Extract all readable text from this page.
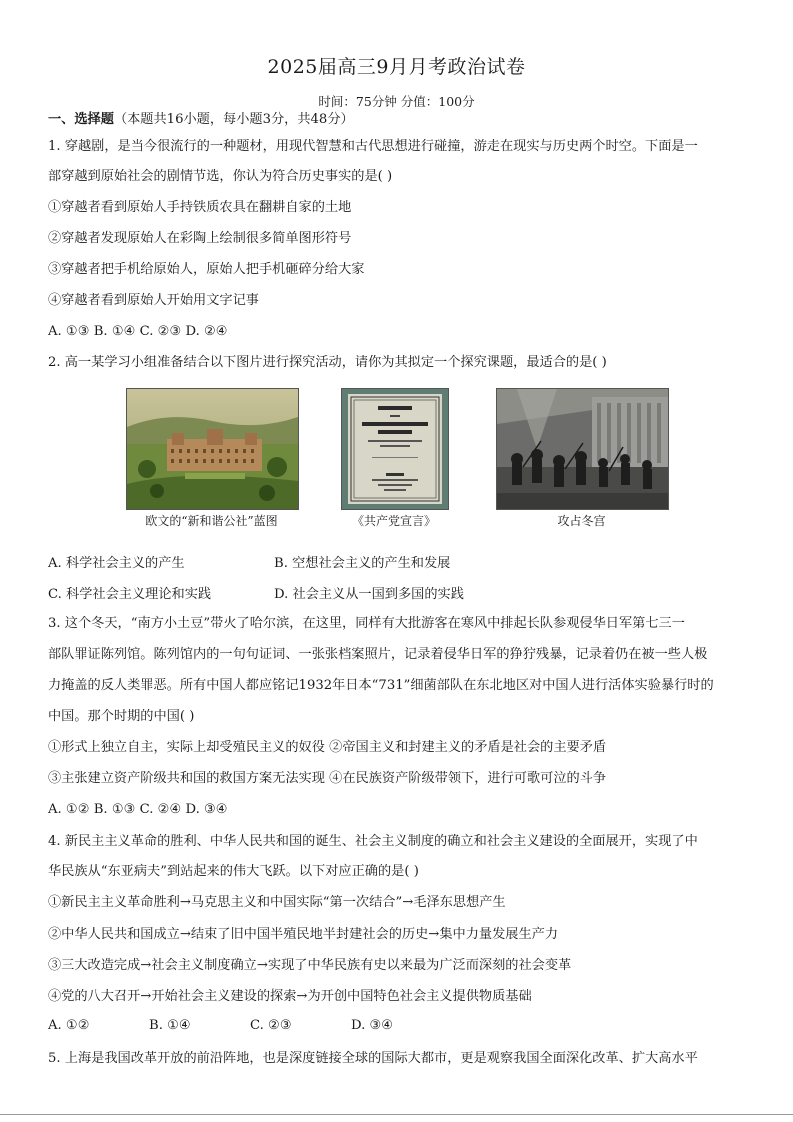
2025届高三9月月考政治试卷
时间：75分钟 分值：100分
一、选择题（本题共16小题，每小题3分，共48分）
1. 穿越剧，是当今很流行的一种题材，用现代智慧和古代思想进行碰撞，游走在现实与历史两个时空。下面是一
部穿越到原始社会的剧情节选，你认为符合历史事实的是( )
①穿越者看到原始人手持铁质农具在翻耕自家的土地
②穿越者发现原始人在彩陶上绘制很多简单图形符号
③穿越者把手机给原始人，原始人把手机砸碎分给大家
④穿越者看到原始人开始用文字记事
A. ①③ B. ①④ C. ②③ D. ②④
2. 高一某学习小组准备结合以下图片进行探究活动，请你为其拟定一个探究课题，最适合的是( )
欧文的“新和谐公社”蓝图	《共产党宣言》	攻占冬宫
A. 科学社会主义的产生	B. 空想社会主义的产生和发展
C. 科学社会主义理论和实践	D. 社会主义从一国到多国的实践
3. 这个冬天，“南方小土豆”带火了哈尔滨，在这里，同样有大批游客在寒风中排起长队参观侵华日军第七三一
部队罪证陈列馆。陈列馆内的一句句证词、一张张档案照片，记录着侵华日军的狰狞残暴，记录着仍在被一些人极
力掩盖的反人类罪恶。所有中国人都应铭记1932年日本“731”细菌部队在东北地区对中国人进行活体实验暴行时的
中国。那个时期的中国( )
①形式上独立自主，实际上却受殖民主义的奴役 ②帝国主义和封建主义的矛盾是社会的主要矛盾
③主张建立资产阶级共和国的救国方案无法实现 ④在民族资产阶级带领下，进行可歌可泣的斗争
A. ①② B. ①③ C. ②④ D. ③④
4. 新民主主义革命的胜利、中华人民共和国的诞生、社会主义制度的确立和社会主义建设的全面展开，实现了中
华民族从“东亚病夫”到站起来的伟大飞跃。以下对应正确的是( )
①新民主主义革命胜利→马克思主义和中国实际“第一次结合”→毛泽东思想产生
②中华人民共和国成立→结束了旧中国半殖民地半封建社会的历史→集中力量发展生产力
③三大改造完成→社会主义制度确立→实现了中华民族有史以来最为广泛而深刻的社会变革
④党的八大召开→开始社会主义建设的探索→为开创中国特色社会主义提供物质基础
A. ①②	B. ①④	C. ②③	D. ③④
5. 上海是我国改革开放的前沿阵地，也是深度链接全球的国际大都市，更是观察我国全面深化改革、扩大高水平
